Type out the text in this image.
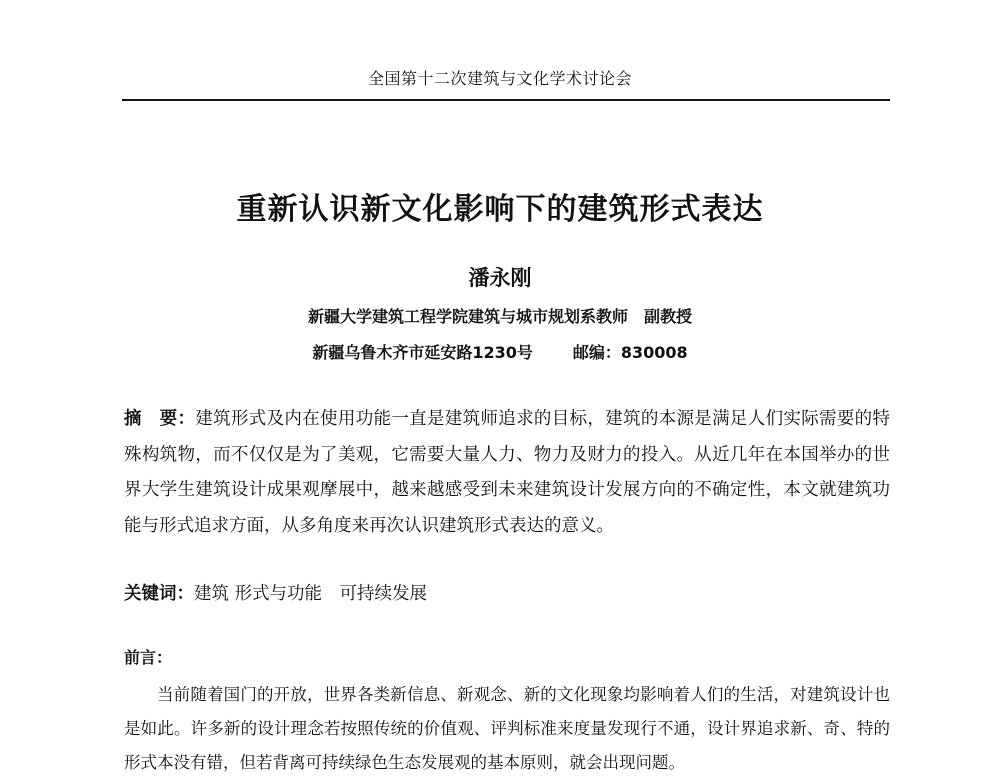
全国第十二次建筑与文化学术讨论会
重新认识新文化影响下的建筑形式表达
潘永刚
新疆大学建筑工程学院建筑与城市规划系教师　副教授
新疆乌鲁木齐市延安路1230号	邮编：830008

摘　要：建筑形式及内在使用功能一直是建筑师追求的目标，建筑的本源是满足人们实际需要的特殊构筑物，而不仅仅是为了美观，它需要大量人力、物力及财力的投入。从近几年在本国举办的世界大学生建筑设计成果观摩展中，越来越感受到未来建筑设计发展方向的不确定性，本文就建筑功能与形式追求方面，从多角度来再次认识建筑形式表达的意义。

关键词：建筑 形式与功能　可持续发展

前言：

当前随着国门的开放，世界各类新信息、新观念、新的文化现象均影响着人们的生活，对建筑设计也是如此。许多新的设计理念若按照传统的价值观、评判标准来度量发现行不通，设计界追求新、奇、特的形式本没有错，但若背离可持续绿色生态发展观的基本原则，就会出现问题。
